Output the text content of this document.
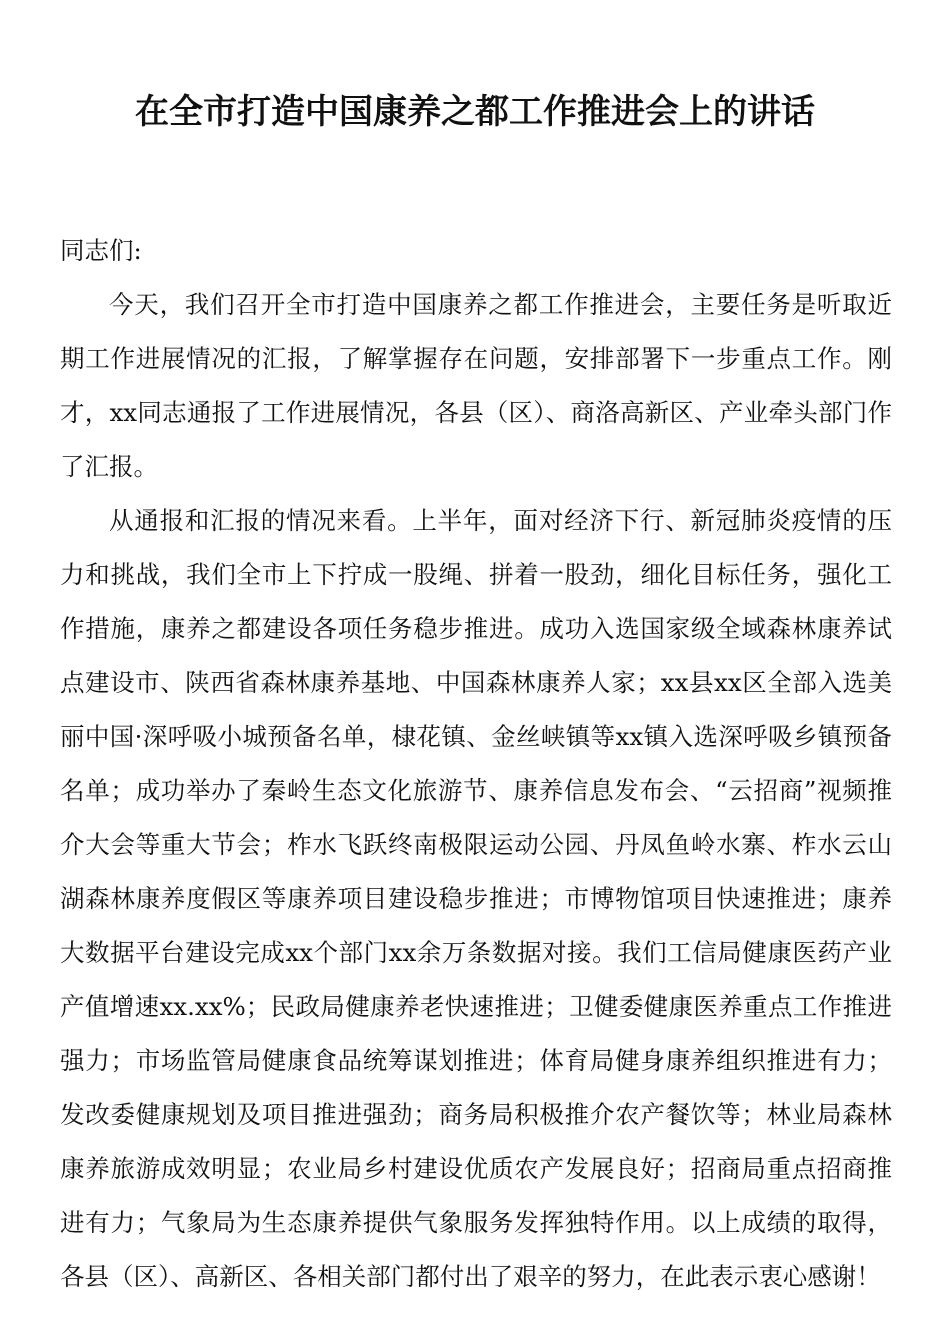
在全市打造中国康养之都工作推进会上的讲话

同志们:

今天，我们召开全市打造中国康养之都工作推进会，主要任务是听取近期工作进展情况的汇报，了解掌握存在问题，安排部署下一步重点工作。刚才，xx同志通报了工作进展情况，各县（区）、商洛高新区、产业牵头部门作了汇报。

从通报和汇报的情况来看。上半年，面对经济下行、新冠肺炎疫情的压力和挑战，我们全市上下拧成一股绳、拼着一股劲，细化目标任务，强化工作措施，康养之都建设各项任务稳步推进。成功入选国家级全域森林康养试点建设市、陕西省森林康养基地、中国森林康养人家；xx县xx区全部入选美丽中国·深呼吸小城预备名单，棣花镇、金丝峡镇等xx镇入选深呼吸乡镇预备名单；成功举办了秦岭生态文化旅游节、康养信息发布会、“云招商”视频推介大会等重大节会；柞水飞跃终南极限运动公园、丹凤鱼岭水寨、柞水云山湖森林康养度假区等康养项目建设稳步推进；市博物馆项目快速推进；康养大数据平台建设完成xx个部门xx余万条数据对接。我们工信局健康医药产业产值增速xx.xx%；民政局健康养老快速推进；卫健委健康医养重点工作推进强力；市场监管局健康食品统筹谋划推进；体育局健身康养组织推进有力；发改委健康规划及项目推进强劲；商务局积极推介农产餐饮等；林业局森林康养旅游成效明显；农业局乡村建设优质农产发展良好；招商局重点招商推进有力；气象局为生态康养提供气象服务发挥独特作用。以上成绩的取得，各县（区）、高新区、各相关部门都付出了艰辛的努力，在此表示衷心感谢！
